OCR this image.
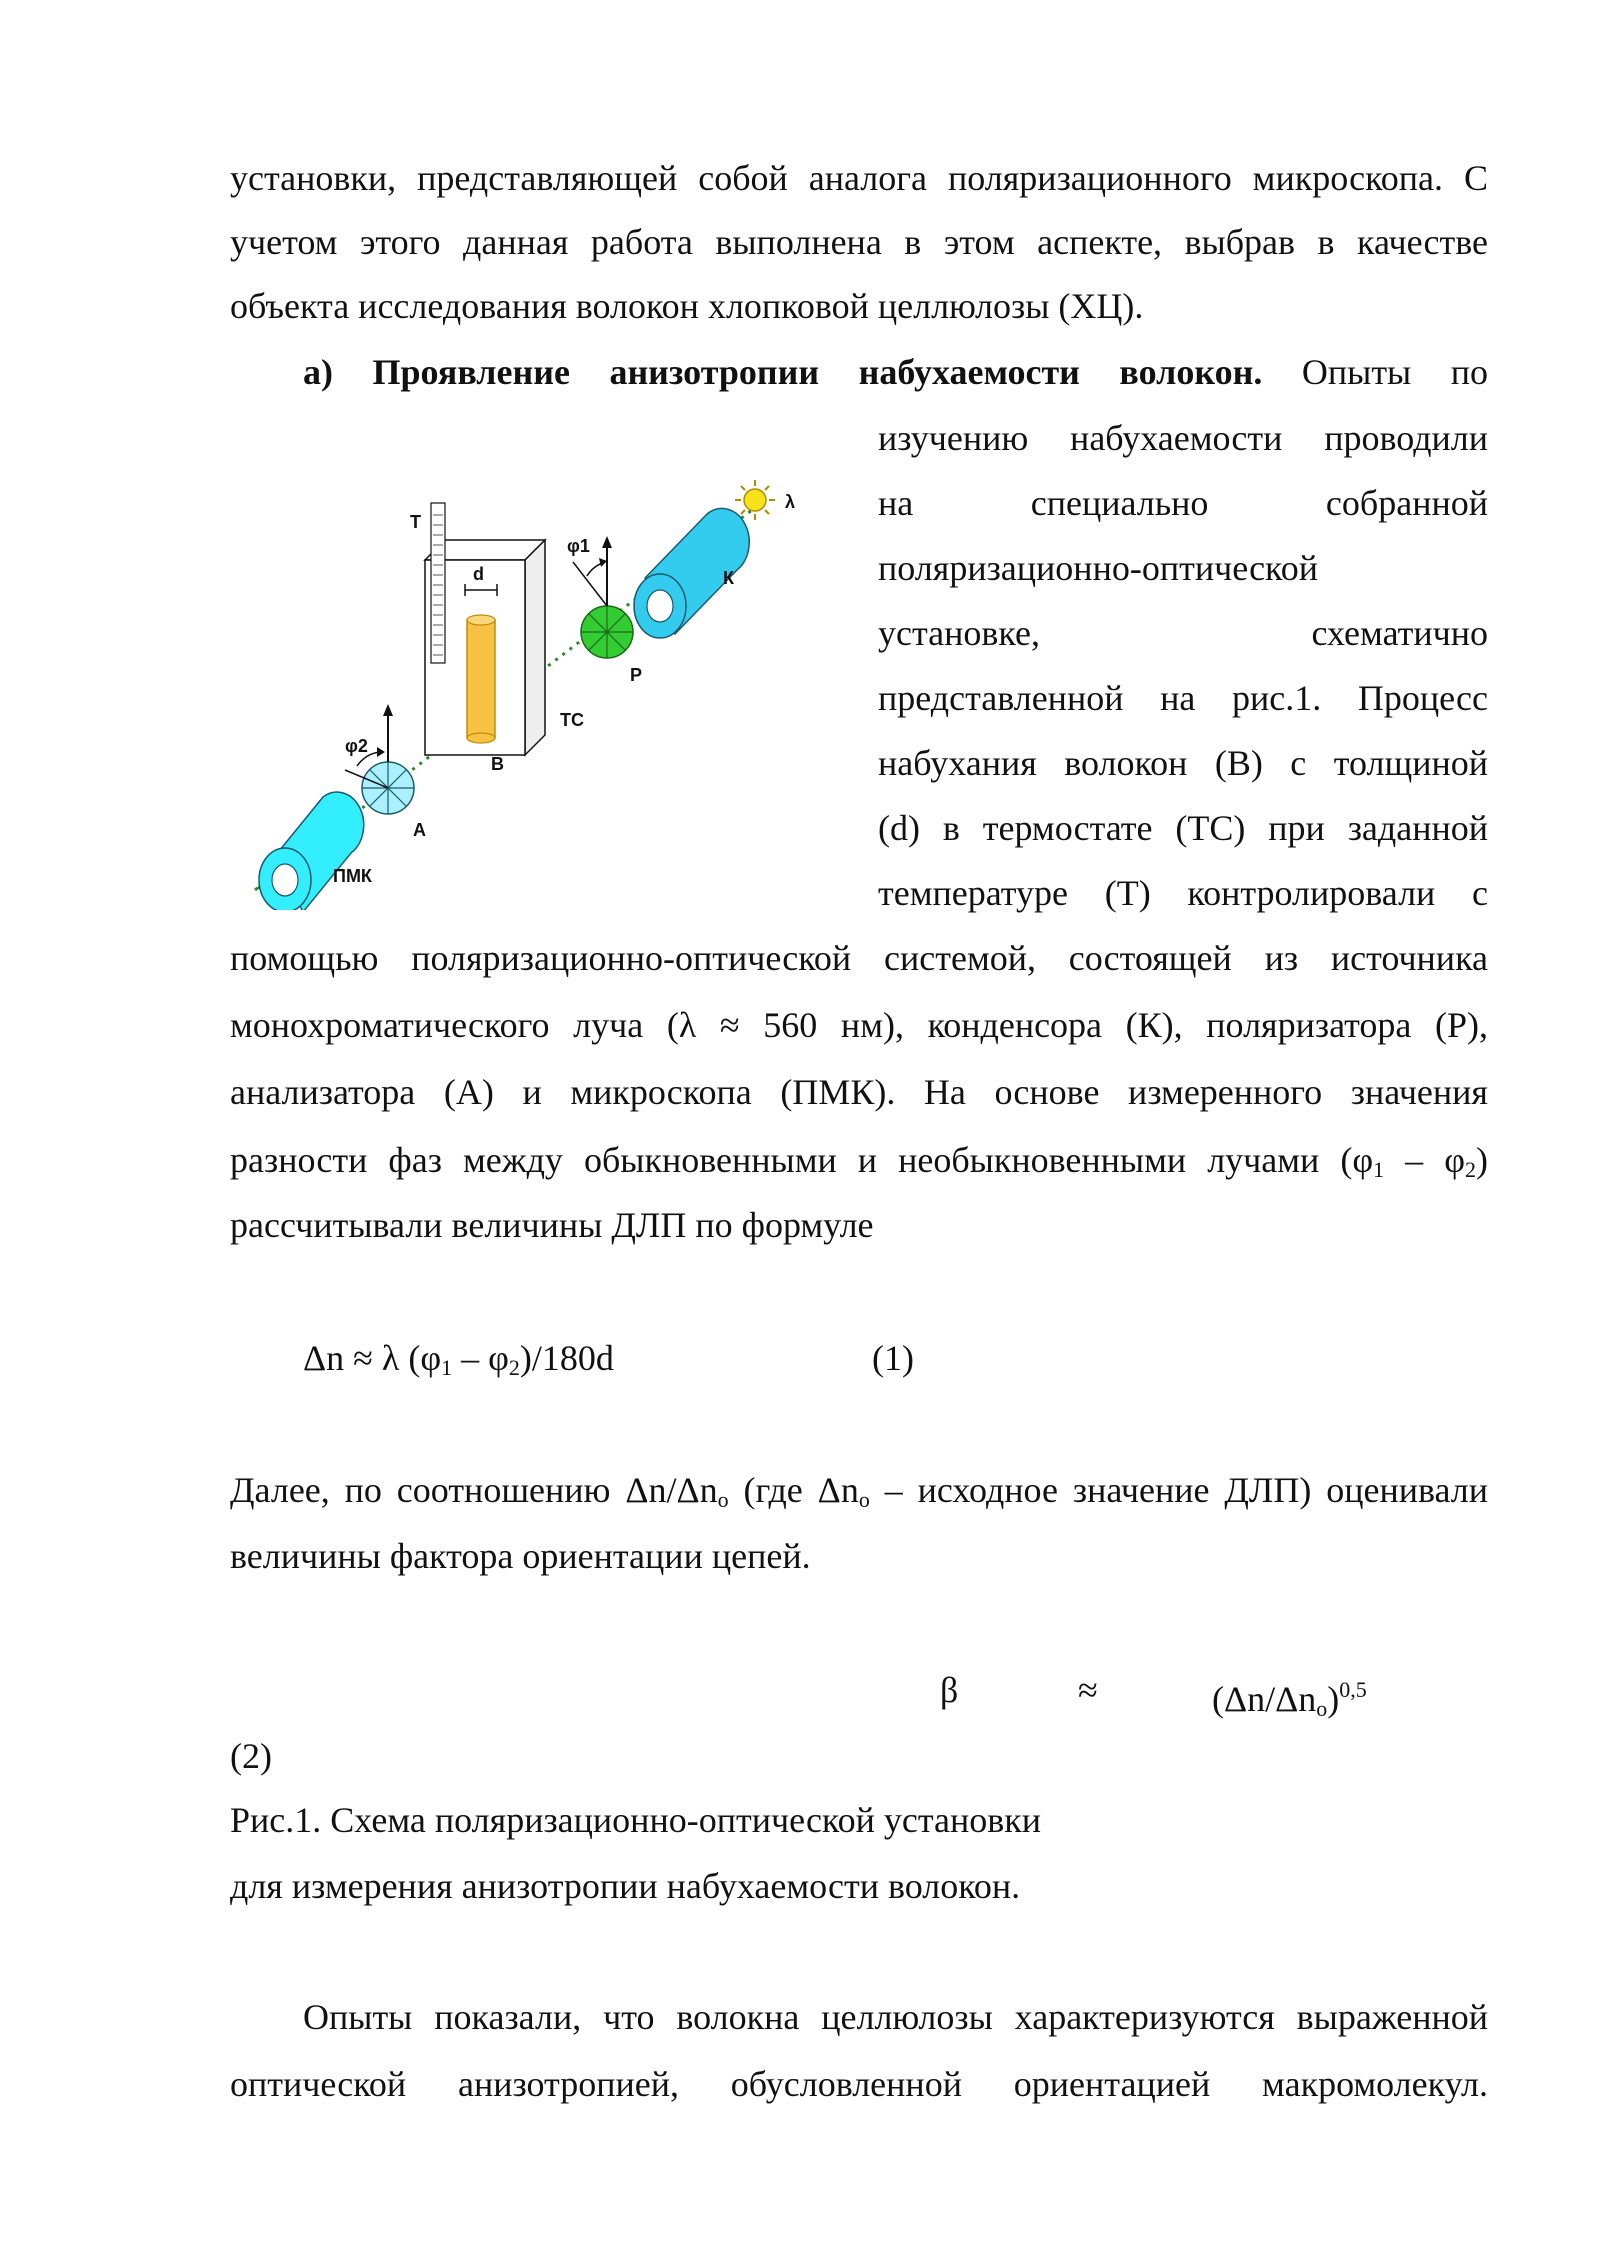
установки, представляющей собой аналога поляризационного микроскопа. С
учетом этого данная работа выполнена в этом аспекте, выбрав в качестве
объекта исследования волокон хлопковой целлюлозы (ХЦ).
а) Проявление анизотропии набухаемости волокон. Опыты по
изучению набухаемости проводили
на специально собранной
поляризационно-оптической
установке, схематично
представленной на рис.1. Процесс
набухания волокон (В) с толщиной
(d) в термостате (ТС) при заданной
температуре (Т) контролировали с
помощью поляризационно-оптической системой, состоящей из источника
монохроматического луча (λ ≈ 560 нм), конденсора (К), поляризатора (Р),
анализатора (А) и микроскопа (ПМК). На основе измеренного значения
разности фаз между обыкновенными и необыкновенными лучами $(\varphi_1 - \varphi_2)$
рассчитывали величины ДЛП по формуле
Δn ≈ λ $(\varphi_1 - \varphi_2)/180d$	(1)
Далее, по соотношению $\Delta n/\Delta n_o$ (где $\Delta n_o$ – исходное значение ДЛП) оценивали
величины фактора ориентации цепей.
β	≈	$(\Delta n/\Delta n_o)^{0,5}$
(2)
Рис.1. Схема поляризационно-оптической установки
для измерения анизотропии набухаемости волокон.
Опыты показали, что волокна целлюлозы характеризуются выраженной
оптической анизотропией, обусловленной ориентацией макромолекул.
λ
К
P
φ1
ТС
T
d
В
A
φ2
ПМК
